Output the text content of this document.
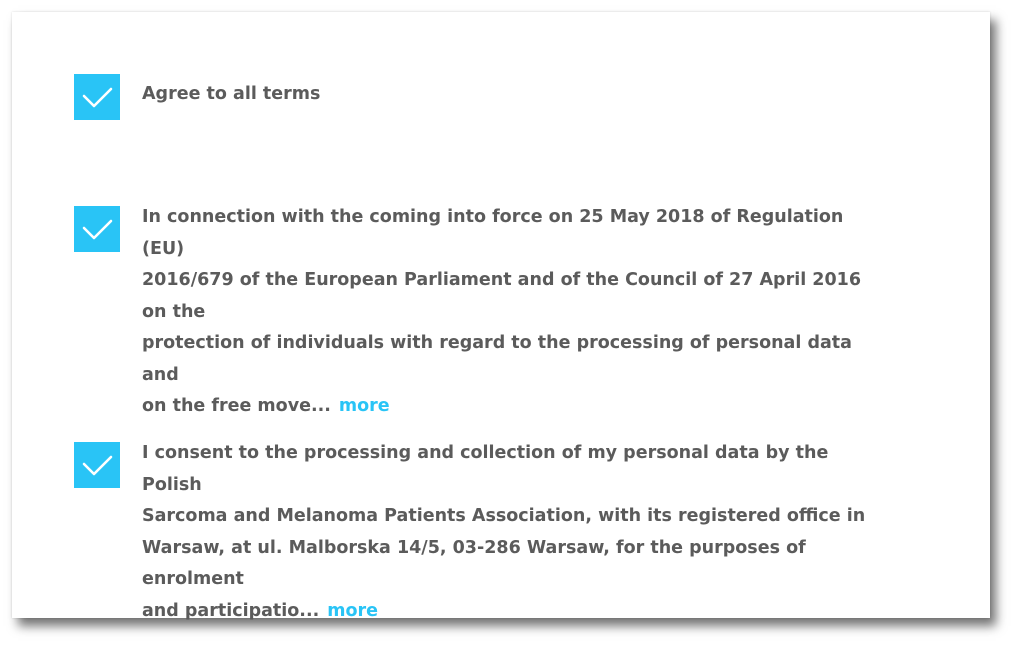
Agree to all terms
In connection with the coming into force on 25 May 2018 of Regulation (EU)
2016/679 of the European Parliament and of the Council of 27 April 2016 on the
protection of individuals with regard to the processing of personal data and
on the free move... more
I consent to the processing and collection of my personal data by the Polish
Sarcoma and Melanoma Patients Association, with its registered office in
Warsaw, at ul. Malborska 14/5, 03-286 Warsaw, for the purposes of enrolment
and participatio... more
